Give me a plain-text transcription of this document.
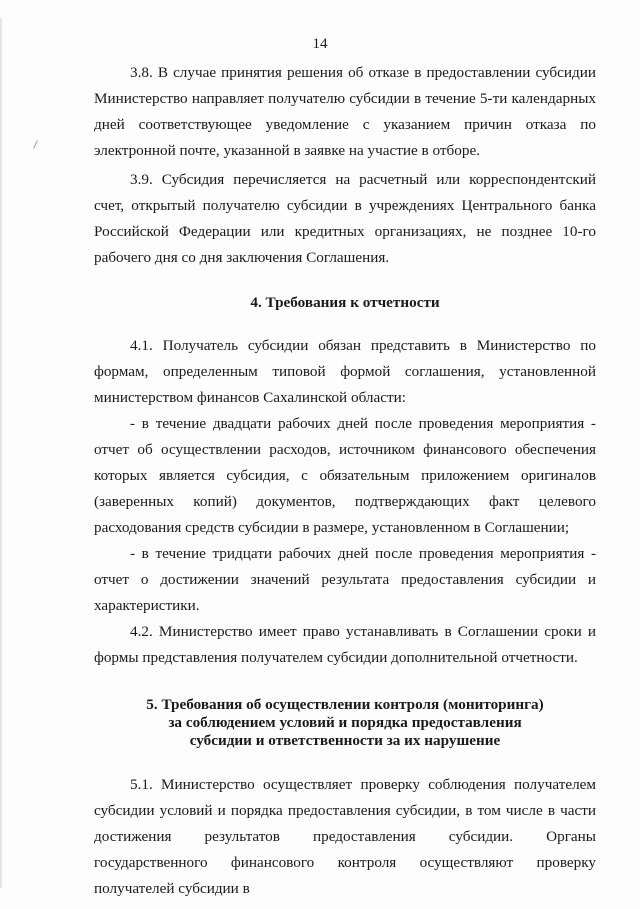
14

3.8. В случае принятия решения об отказе в предоставлении субсидии Министерство направляет получателю субсидии в течение 5-ти календарных дней соответствующее уведомление с указанием причин отказа по электронной почте, указанной в заявке на участие в отборе.

3.9. Субсидия перечисляется на расчетный или корреспондентский счет, открытый получателю субсидии в учреждениях Центрального банка Российской Федерации или кредитных организациях, не позднее 10-го рабочего дня со дня заключения Соглашения.

4. Требования к отчетности

4.1. Получатель субсидии обязан представить в Министерство по формам, определенным типовой формой соглашения, установленной министерством финансов Сахалинской области:

- в течение двадцати рабочих дней после проведения мероприятия - отчет об осуществлении расходов, источником финансового обеспечения которых является субсидия, с обязательным приложением оригиналов (заверенных копий) документов, подтверждающих факт целевого расходования средств субсидии в размере, установленном в Соглашении;

- в течение тридцати рабочих дней после проведения мероприятия - отчет о достижении значений результата предоставления субсидии и характеристики.

4.2. Министерство имеет право устанавливать в Соглашении сроки и формы представления получателем субсидии дополнительной отчетности.

5. Требования об осуществлении контроля (мониторинга)

за соблюдением условий и порядка предоставления

субсидии и ответственности за их нарушение

5.1. Министерство осуществляет проверку соблюдения получателем субсидии условий и порядка предоставления субсидии, в том числе в части достижения результатов предоставления субсидии. Органы государственного финансового контроля осуществляют проверку получателей субсидии в
